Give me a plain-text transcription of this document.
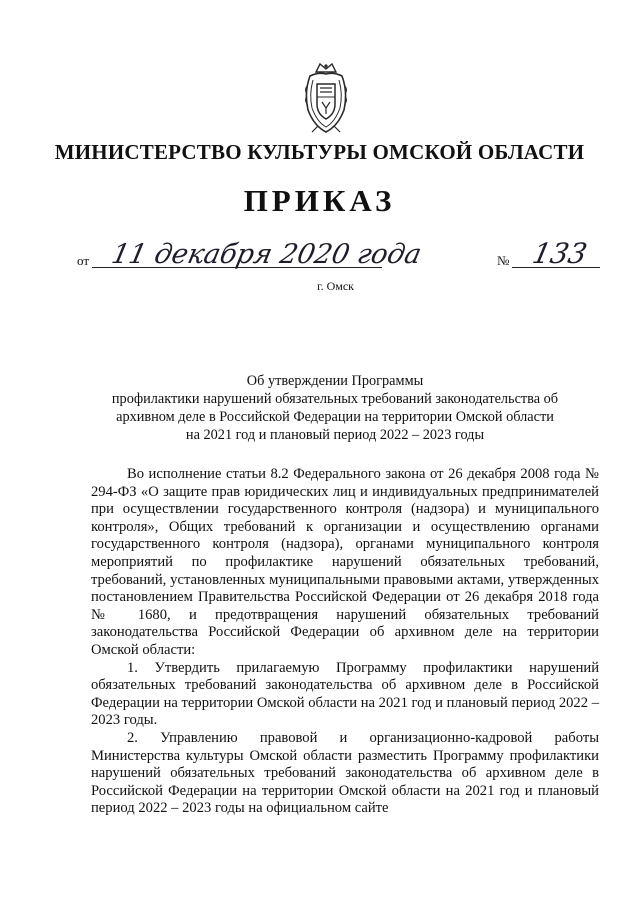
МИНИСТЕРСТВО КУЛЬТУРЫ ОМСКОЙ ОБЛАСТИ
ПРИКАЗ
от 11 декабря 2020 года	№ 133
г. Омск
Об утверждении Программы
профилактики нарушений обязательных требований законодательства об
архивном деле в Российской Федерации на территории Омской области
на 2021 год и плановый период 2022 – 2023 годы

Во исполнение статьи 8.2 Федерального закона от 26 декабря 2008 года № 294-ФЗ «О защите прав юридических лиц и индивидуальных предпринимателей при осуществлении государственного контроля (надзора) и муниципального контроля», Общих требований к организации и осуществлению органами государственного контроля (надзора), органами муниципального контроля мероприятий по профилактике нарушений обязательных требований, требований, установленных муниципальными правовыми актами, утвержденных постановлением Правительства Российской Федерации от 26 декабря 2018 года № 1680, и предотвращения нарушений обязательных требований законодательства Российской Федерации об архивном деле на территории Омской области:

1. Утвердить прилагаемую Программу профилактики нарушений обязательных требований законодательства об архивном деле в Российской Федерации на территории Омской области на 2021 год и плановый период 2022 – 2023 годы.

2. Управлению правовой и организационно-кадровой работы Министерства культуры Омской области разместить Программу профилактики нарушений обязательных требований законодательства об архивном деле в Российской Федерации на территории Омской области на 2021 год и плановый период 2022 – 2023 годы на официальном сайте
